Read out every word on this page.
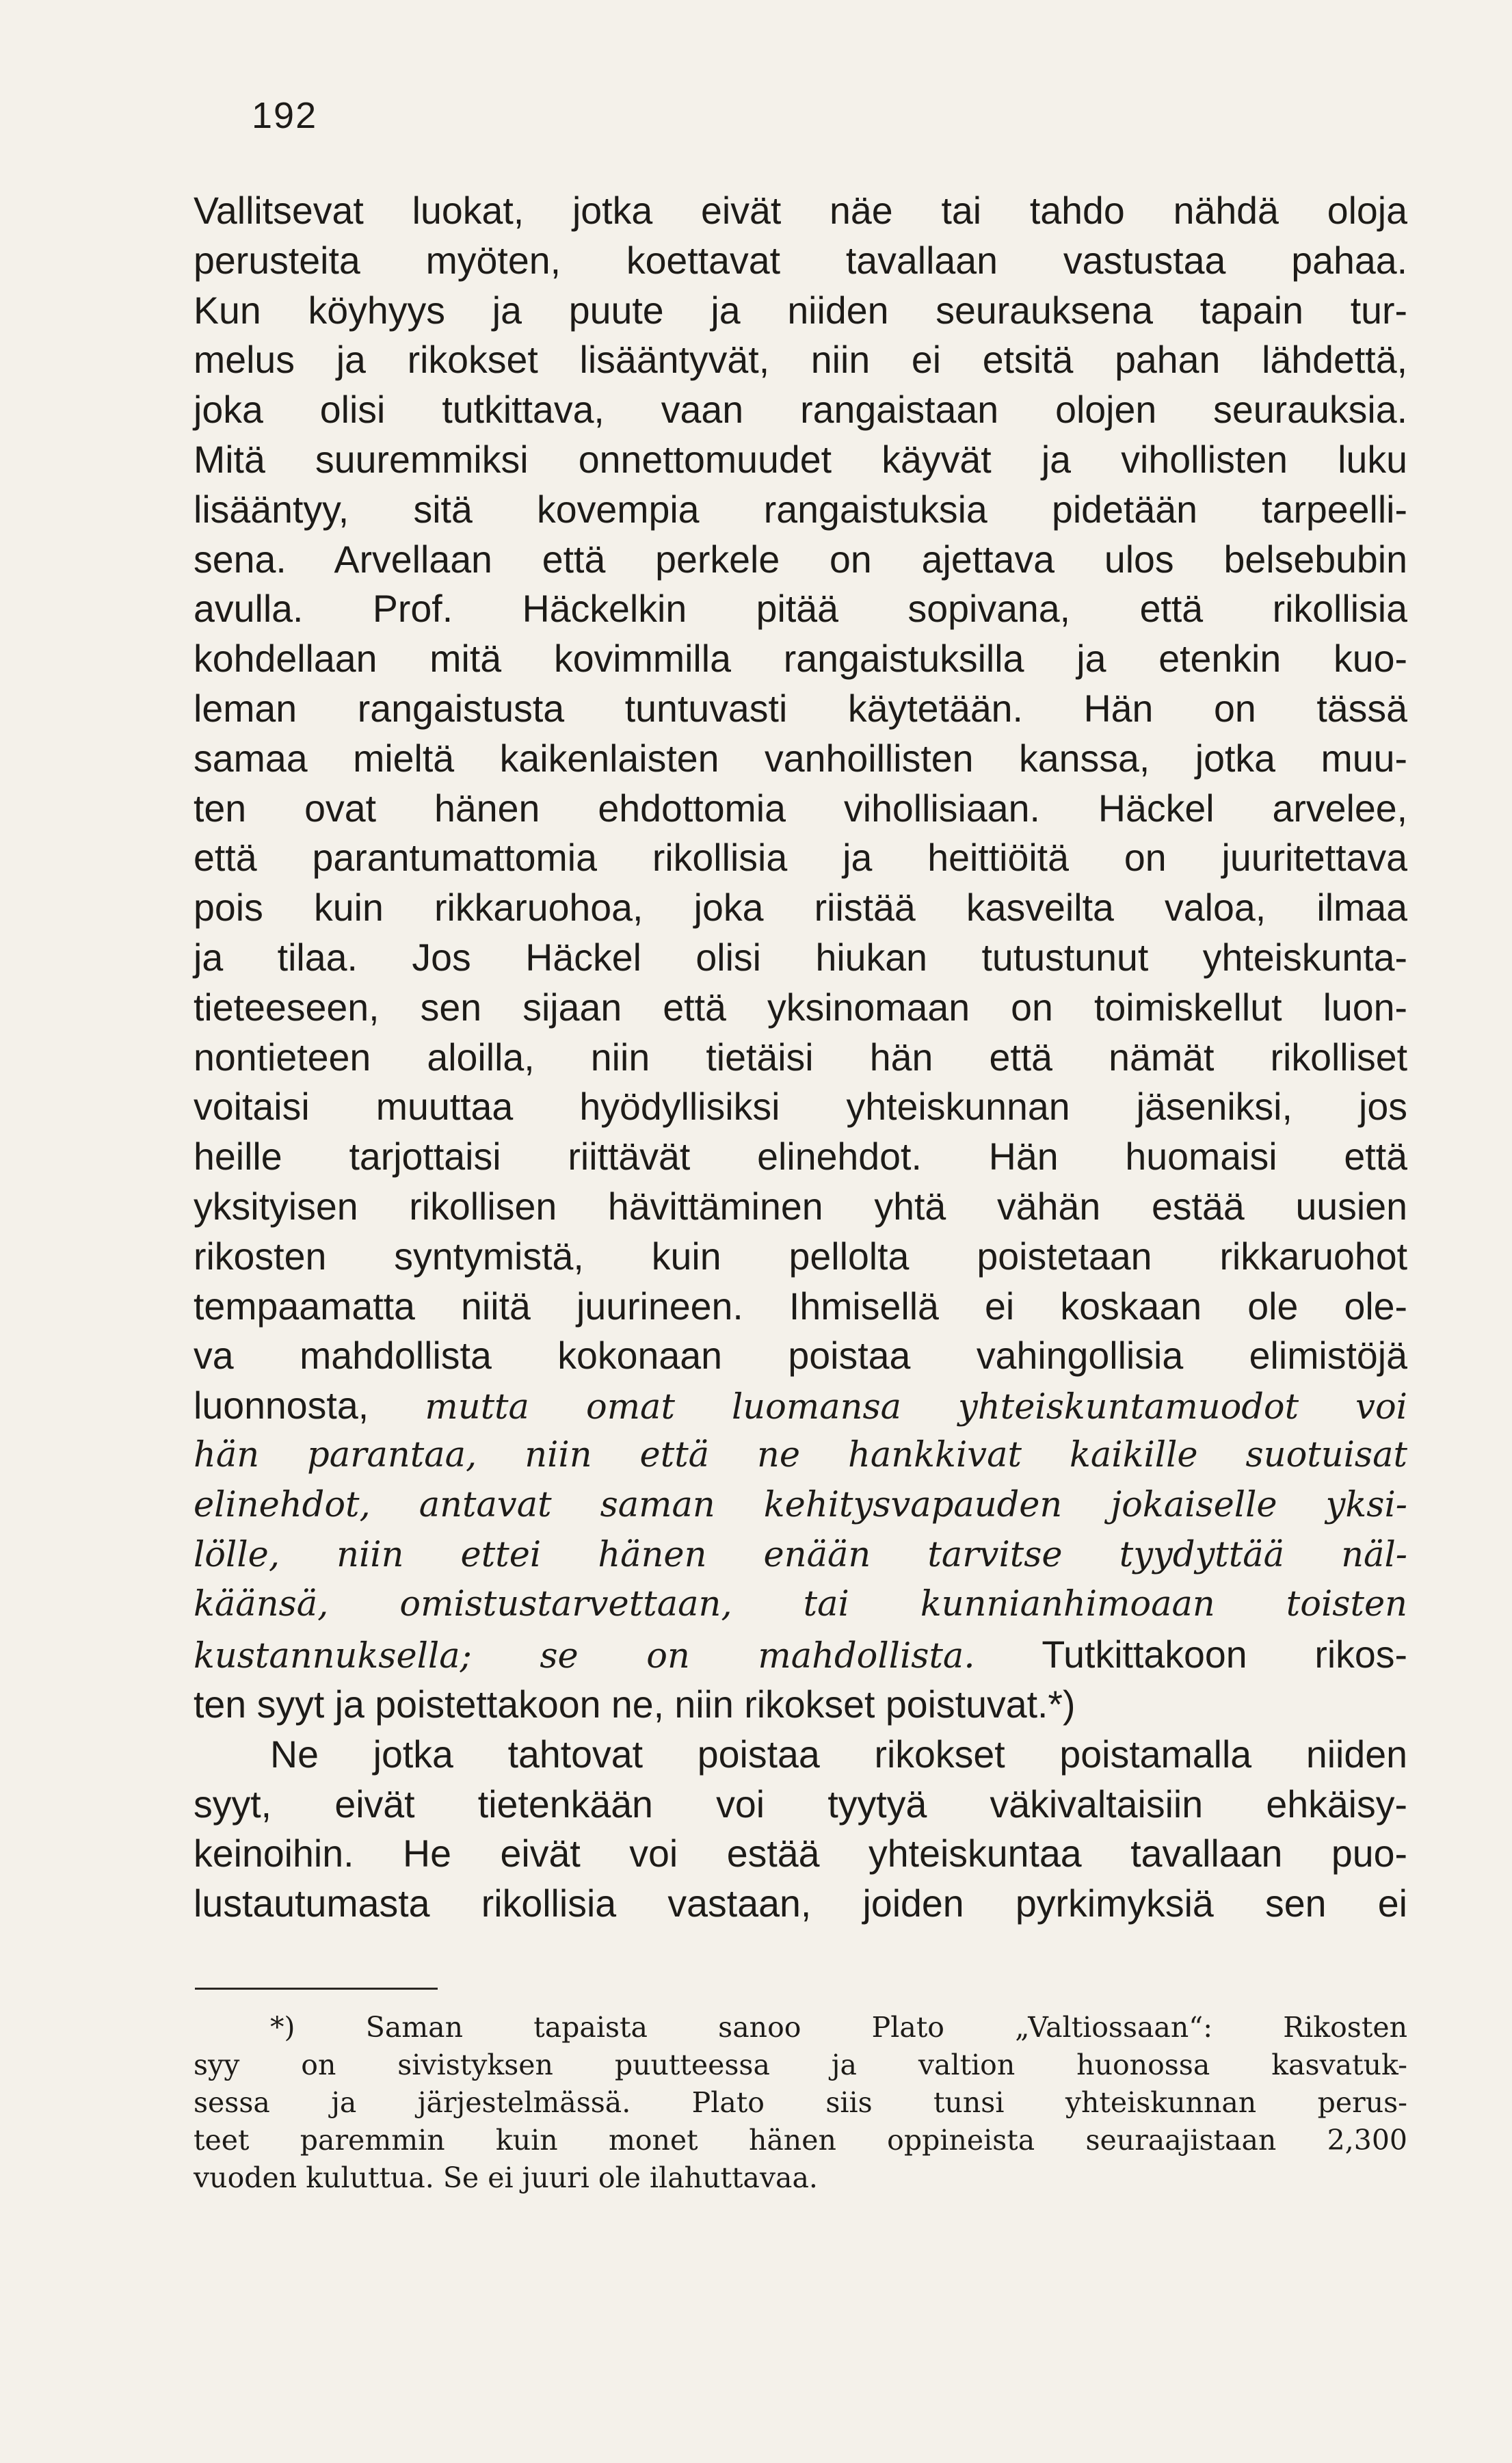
192
Vallitsevat luokat, jotka eivät näe tai tahdo nähdä oloja
perusteita myöten, koettavat tavallaan vastustaa pahaa.
Kun köyhyys ja puute ja niiden seurauksena tapain tur-
melus ja rikokset lisääntyvät, niin ei etsitä pahan lähdettä,
joka olisi tutkittava, vaan rangaistaan olojen seurauksia.
Mitä suuremmiksi onnettomuudet käyvät ja vihollisten luku
lisääntyy, sitä kovempia rangaistuksia pidetään tarpeelli-
sena. Arvellaan että perkele on ajettava ulos belsebubin
avulla. Prof. Häckelkin pitää sopivana, että rikollisia
kohdellaan mitä kovimmilla rangaistuksilla ja etenkin kuo-
leman rangaistusta tuntuvasti käytetään. Hän on tässä
samaa mieltä kaikenlaisten vanhoillisten kanssa, jotka muu-
ten ovat hänen ehdottomia vihollisiaan. Häckel arvelee,
että parantumattomia rikollisia ja heittiöitä on juuritettava
pois kuin rikkaruohoa, joka riistää kasveilta valoa, ilmaa
ja tilaa. Jos Häckel olisi hiukan tutustunut yhteiskunta-
tieteeseen, sen sijaan että yksinomaan on toimiskellut luon-
nontieteen aloilla, niin tietäisi hän että nämät rikolliset
voitaisi muuttaa hyödyllisiksi yhteiskunnan jäseniksi, jos
heille tarjottaisi riittävät elinehdot. Hän huomaisi että
yksityisen rikollisen hävittäminen yhtä vähän estää uusien
rikosten syntymistä, kuin pellolta poistetaan rikkaruohot
tempaamatta niitä juurineen. Ihmisellä ei koskaan ole ole-
va mahdollista kokonaan poistaa vahingollisia elimistöjä
luonnosta, mutta omat luomansa yhteiskuntamuodot voi
hän parantaa, niin että ne hankkivat kaikille suotuisat
elinehdot, antavat saman kehitysvapauden jokaiselle yksi-
lölle, niin ettei hänen enään tarvitse tyydyttää näl-
käänsä, omistustarvettaan, tai kunnianhimoaan toisten
kustannuksella; se on mahdollista. Tutkittakoon rikos-
ten syyt ja poistettakoon ne, niin rikokset poistuvat.*)
Ne jotka tahtovat poistaa rikokset poistamalla niiden
syyt, eivät tietenkään voi tyytyä väkivaltaisiin ehkäisy-
keinoihin. He eivät voi estää yhteiskuntaa tavallaan puo-
lustautumasta rikollisia vastaan, joiden pyrkimyksiä sen ei
*) Saman tapaista sanoo Plato „Valtiossaan“: Rikosten
syy on sivistyksen puutteessa ja valtion huonossa kasvatuk-
sessa ja järjestelmässä. Plato siis tunsi yhteiskunnan perus-
teet paremmin kuin monet hänen oppineista seuraajistaan 2,300
vuoden kuluttua. Se ei juuri ole ilahuttavaa.
